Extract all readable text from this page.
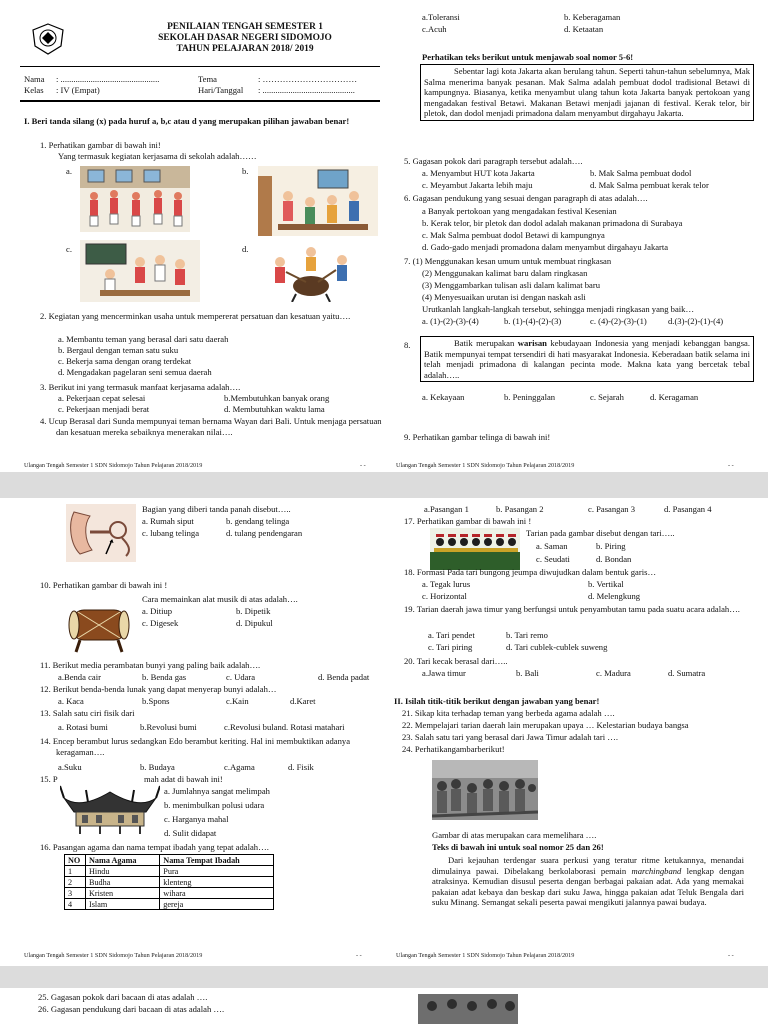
PENILAIAN TENGAH SEMESTER 1
SEKOLAH DASAR NEGERI SIDOMOJO
TAHUN PELAJARAN 2018/ 2019
Nama	: ..............................................	Tema	: ……………………………
Kelas	: IV (Empat)	Hari/Tanggal	: ...........................................
I. Beri tanda silang (x) pada huruf a, b,c atau d yang merupakan pilihan jawaban benar!
1. Perhatikan gambar di bawah ini!
Yang termasuk kegiatan kerjasama di sekolah adalah……
a.	b.
c.	d.
2. Kegiatan yang mencerminkan usaha untuk mempererat persatuan dan kesatuan yaitu….
a. Membantu teman yang berasal dari satu daerah
b. Bergaul dengan teman satu suku
c. Bekerja sama dengan orang terdekat
d. Mengadakan pagelaran seni semua daerah
3. Berikut ini yang termasuk manfaat kerjasama adalah….
a. Pekerjaan cepat selesai	b.Membutuhkan banyak orang
c. Pekerjaan menjadi berat	d. Membutuhkan waktu lama
4. Ucup Berasal dari Sunda mempunyai teman bernama Wayan dari Bali. Untuk menjaga persatuan dan kesatuan mereka sebaiknya menerakan nilai….
Ulangan Tengah Semester 1 SDN Sidomojo Tahun Pelajaran 2018/2019	- -
a.Toleransi	b. Keberagaman
c.Acuh	d. Ketaatan
Perhatikan teks berikut untuk menjawab soal nomor 5-6!
Sebentar lagi kota Jakarta akan berulang tahun. Seperti tahun-tahun sebelumnya, Mak Salma menerima banyak pesanan. Mak Salma adalah pembuat dodol tradisional Betawi di kampungnya. Biasanya, ketika menyambut ulang tahun kota Jakarta banyak pertokoan yang mengadakan festival Betawi. Makanan Betawi menjadi jajanan di festival. Kerak telor, bir pletok, dan dodol menjadi primadona dalam menyambut dirgahayu Jakarta.
5. Gagasan pokok dari paragraph tersebut adalah….
a. Menyambut HUT kota Jakarta	b. Mak Salma pembuat dodol
c. Meyambut Jakarta lebih maju	d. Mak Salma pembuat kerak telor
6. Gagasan pendukung yang sesuai dengan paragraph di atas adalah….
a Banyak pertokoan yang mengadakan festival Kesenian
b. Kerak telor, bir pletok dan dodol adalah makanan primadona di Surabaya
c. Mak Salma pembuat dodol Betawi di kampungnya
d. Gado-gado menjadi promadona dalam menyambut dirgahayu Jakarta
7. (1) Menggunakan kesan umum untuk membuat ringkasan
(2) Menggunakan kalimat baru dalam ringkasan
(3) Menggambarkan tulisan asli dalam kalimat baru
(4) Menyesuaikan urutan isi dengan naskah asli
Urutkanlah langkah-langkah tersebut, sehingga menjadi ringkasan yang baik…
a. (1)-(2)-(3)-(4)	b. (1)-(4)-(2)-(3)	c. (4)-(2)-(3)-(1) d.(3)-(2)-(1)-(4)
8.	Batik merupakan warisan kebudayaan Indonesia yang menjadi kebanggan bangsa. Batik mempunyai tempat tersendiri di hati masyarakat Indonesia. Keberadaan batik selama ini telah menjadi primadona di kalangan pecinta mode. Makna kata yang bercetak tebal adalah…..
a. Kekayaan	b. Peninggalan	c. Sejarah	d. Keragaman
9. Perhatikan gambar telinga di bawah ini!
Ulangan Tengah Semester 1 SDN Sidomojo Tahun Pelajaran 2018/2019	- -
Bagian yang diberi tanda panah disebut…..
a. Rumah siput	b. gendang telinga
c. lubang telinga	d. tulang pendengaran
10. Perhatikan gambar di bawah ini !
Cara memainkan alat musik di atas adalah….
a. Ditiup	b. Dipetik
c. Digesek	d. Dipukul
11. Berikut media perambatan bunyi yang paling baik adalah….
a.Benda cair	b. Benda gas	c. Udara	d. Benda padat
12. Berikut benda-benda lunak yang dapat menyerap bunyi adalah…
a. Kaca	b.Spons	c.Kain	d.Karet
13. Salah satu ciri fisik dari
a. Rotasi bumi	b.Revolusi bumi	c.Revolusi buland. Rotasi matahari
14. Encep berambut lurus sedangkan Edo berambut keriting. Hal ini membuktikan adanya keragaman….
a.Suku	b. Budaya	c.Agama	d. Fisik
15. P	mah adat di bawah ini!
a. Jumlahnya sangat melimpah
b. menimbulkan polusi udara
c. Harganya mahal
d. Sulit didapat
16. Pasangan agama dan nama tempat ibadah yang tepat adalah….
NO	Nama Agama	Nama Tempat Ibadah
1	Hindu	Pura
2	Budha	klenteng
3	Kristen	wihara
4	Islam	gereja
Ulangan Tengah Semester 1 SDN Sidomojo Tahun Pelajaran 2018/2019	- -
a.Pasangan 1	b. Pasangan 2	c. Pasangan 3	d. Pasangan 4
17. Perhatikan gambar di bawah ini !
Tarian pada gambar disebut dengan tari…..
a. Saman	b. Piring
c. Seudati	d. Bondan
18. Formasi Pada tari bungong jeumpa diwujudkan dalam bentuk garis…
a. Tegak lurus	b. Vertikal
c. Horizontal	d. Melengkung
19. Tarian daerah jawa timur yang berfungsi untuk penyambutan tamu pada suatu acara adalah….
a. Tari pendet	b. Tari remo
c. Tari piring	d. Tari cublek-cublek suweng
20. Tari kecak berasal dari…..
a.Jawa timur	b. Bali	c. Madura	d. Sumatra
II. Isilah titik-titik berikut dengan jawaban yang benar!
21. Sikap kita terhadap teman yang berbeda agama adalah ….
22. Mempelajari tarian daerah lain merupakan upaya … Kelestarian budaya bangsa
23. Salah satu tari yang berasal dari Jawa Timur adalah tari ….
24. Perhatikangambarberikut!
Gambar di atas merupakan cara memelihara ….
Teks di bawah ini untuk soal nomor 25 dan 26!
Dari kejauhan terdengar suara perkusi yang teratur ritme ketukannya, menandai dimulainya pawai. Dibelakang berkolaborasi pemain marchingband lengkap dengan atraksinya. Kemudian disusul peserta dengan berbagai pakaian adat. Ada yang memakai pakaian adat kebaya dan beskap dari suku Jawa, hingga pakaian adat Teluk Bengala dari suku Minang. Semangat sekali peserta pawai mengikuti jalannya pawai budaya.
Ulangan Tengah Semester 1 SDN Sidomojo Tahun Pelajaran 2018/2019	- -
25. Gagasan pokok dari bacaan di atas adalah ….
26. Gagasan pendukung dari bacaan di atas adalah ….
